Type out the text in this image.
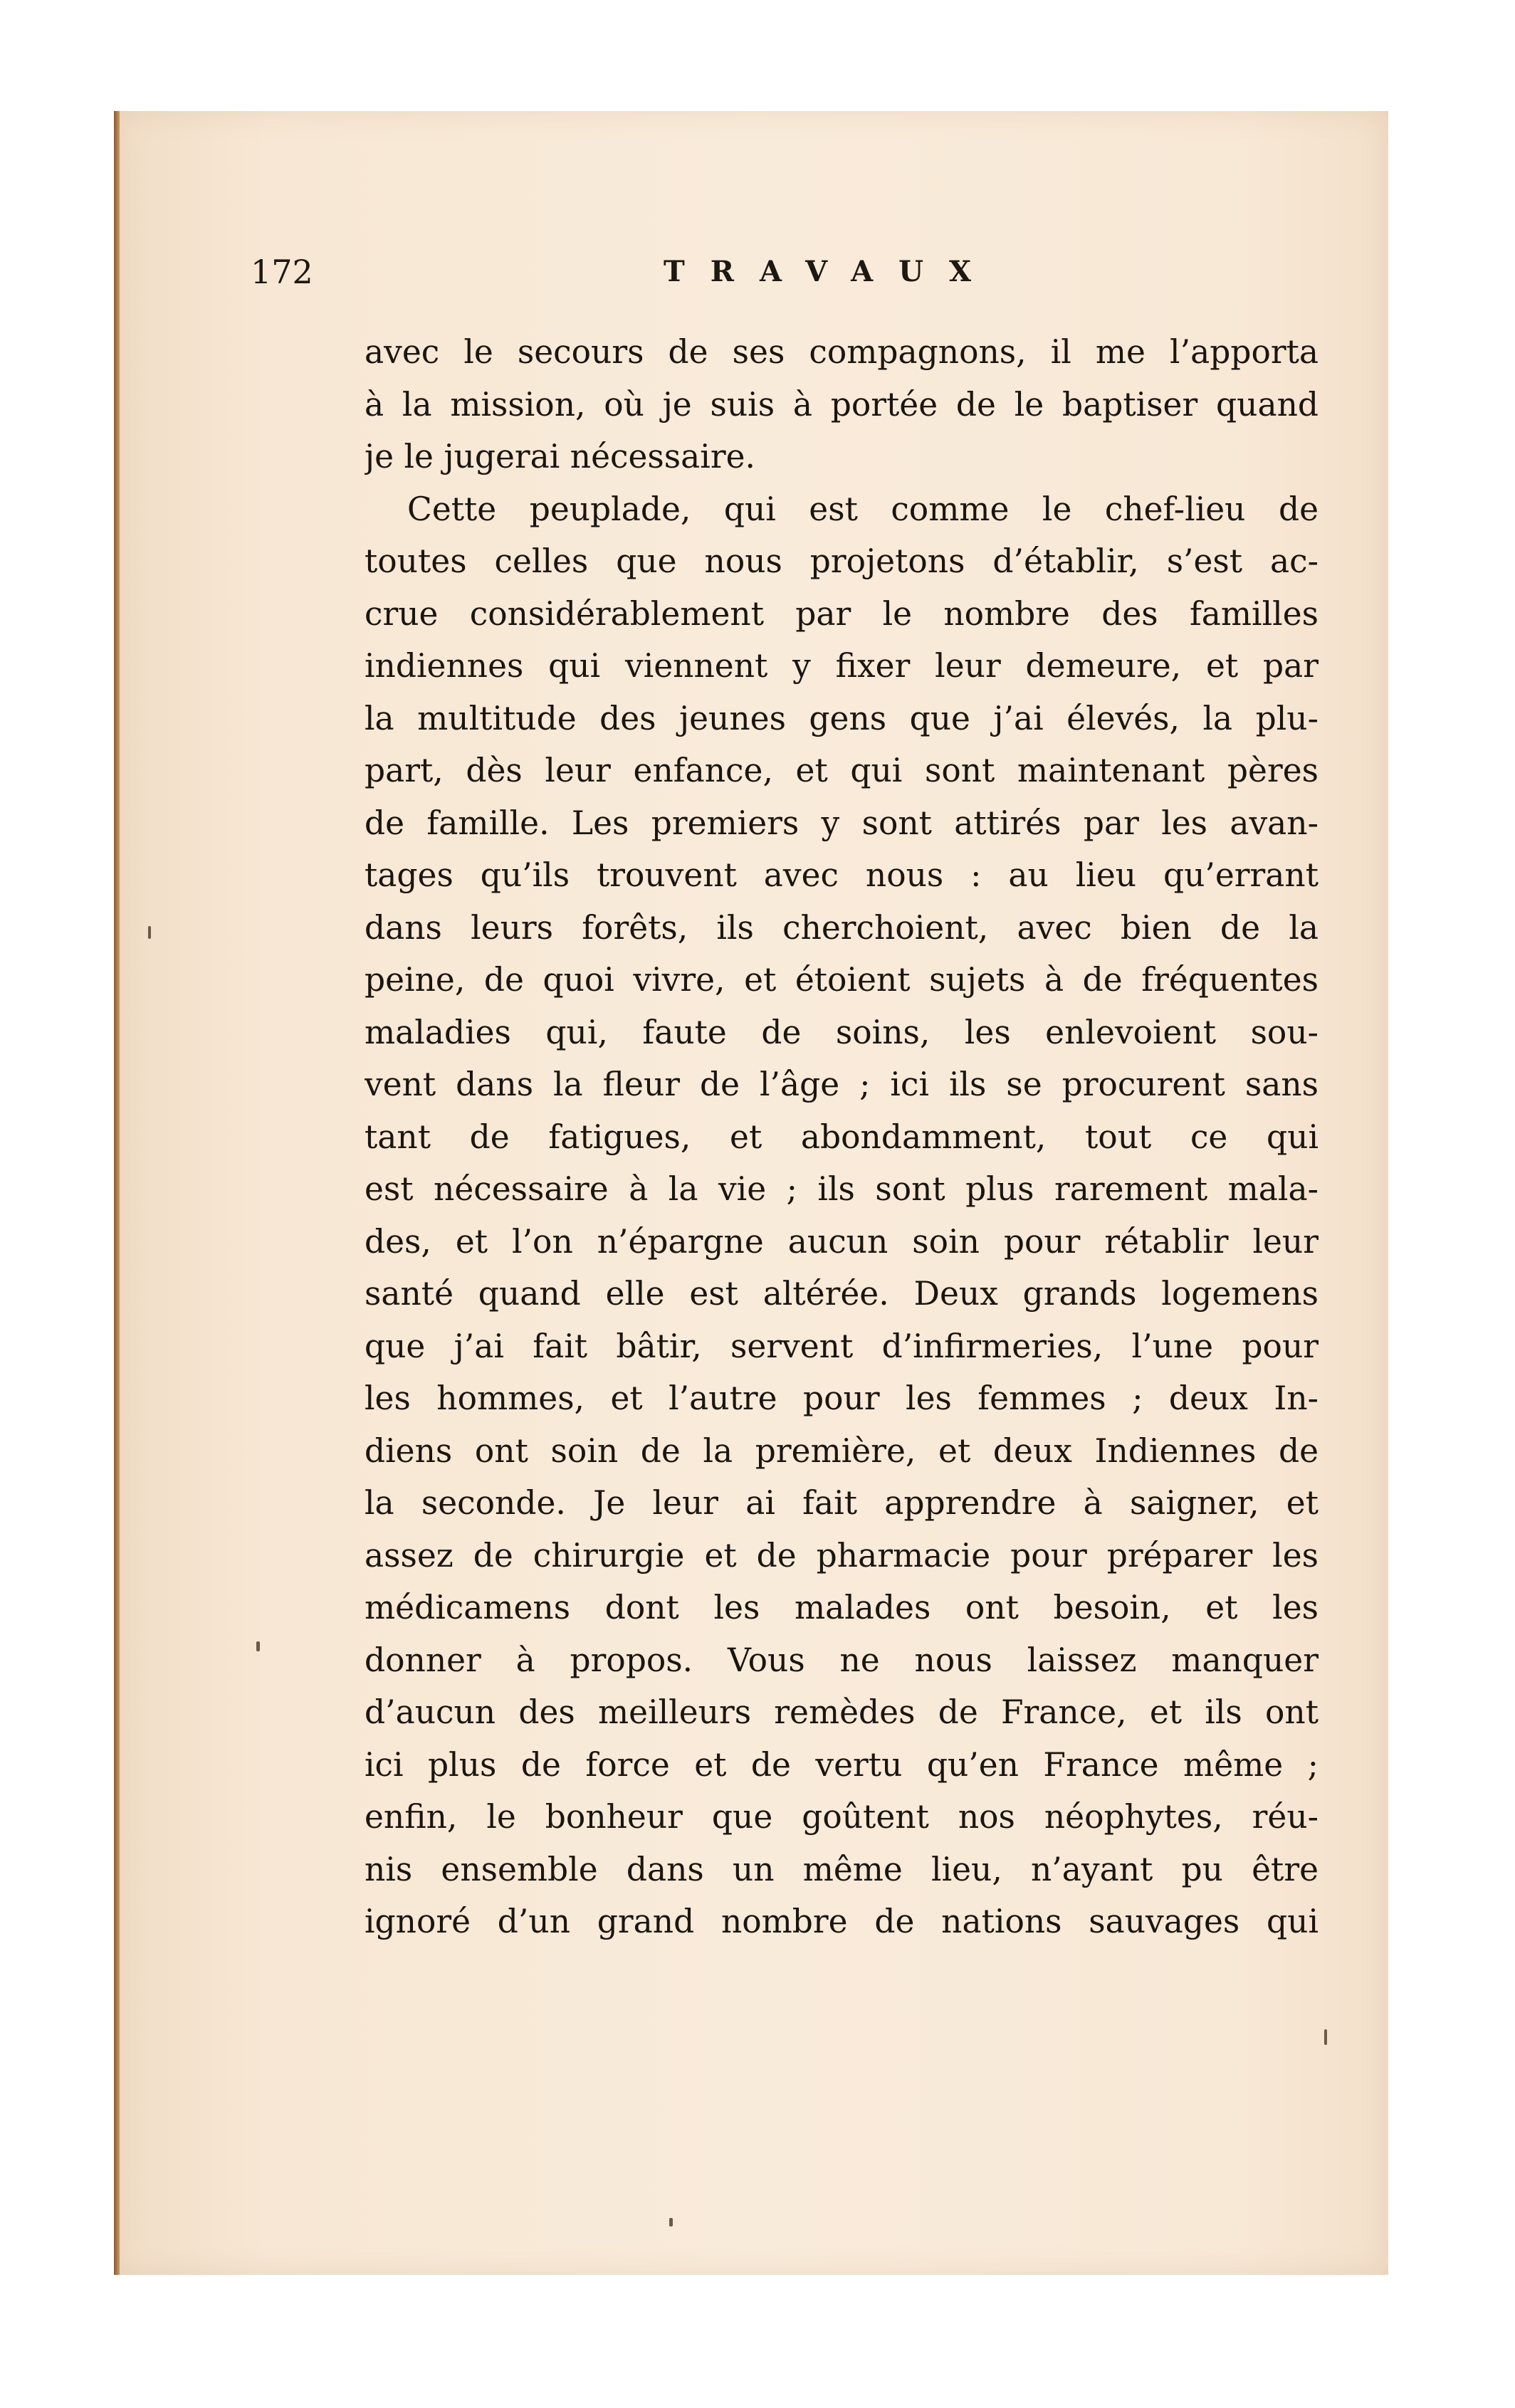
172	TRAVAUX
avec le secours de ses compagnons, il me l’apporta
à la mission, où je suis à portée de le baptiser quand
je le jugerai nécessaire.
Cette peuplade, qui est comme le chef-lieu de
toutes celles que nous projetons d’établir, s’est ac-
crue considérablement par le nombre des familles
indiennes qui viennent y fixer leur demeure, et par
la multitude des jeunes gens que j’ai élevés, la plu-
part, dès leur enfance, et qui sont maintenant pères
de famille. Les premiers y sont attirés par les avan-
tages qu’ils trouvent avec nous : au lieu qu’errant
dans leurs forêts, ils cherchoient, avec bien de la
peine, de quoi vivre, et étoient sujets à de fréquentes
maladies qui, faute de soins, les enlevoient sou-
vent dans la fleur de l’âge ; ici ils se procurent sans
tant de fatigues, et abondamment, tout ce qui
est nécessaire à la vie ; ils sont plus rarement mala-
des, et l’on n’épargne aucun soin pour rétablir leur
santé quand elle est altérée. Deux grands logemens
que j’ai fait bâtir, servent d’infirmeries, l’une pour
les hommes, et l’autre pour les femmes ; deux In-
diens ont soin de la première, et deux Indiennes de
la seconde. Je leur ai fait apprendre à saigner, et
assez de chirurgie et de pharmacie pour préparer les
médicamens dont les malades ont besoin, et les
donner à propos. Vous ne nous laissez manquer
d’aucun des meilleurs remèdes de France, et ils ont
ici plus de force et de vertu qu’en France même ;
enfin, le bonheur que goûtent nos néophytes, réu-
nis ensemble dans un même lieu, n’ayant pu être
ignoré d’un grand nombre de nations sauvages qui
